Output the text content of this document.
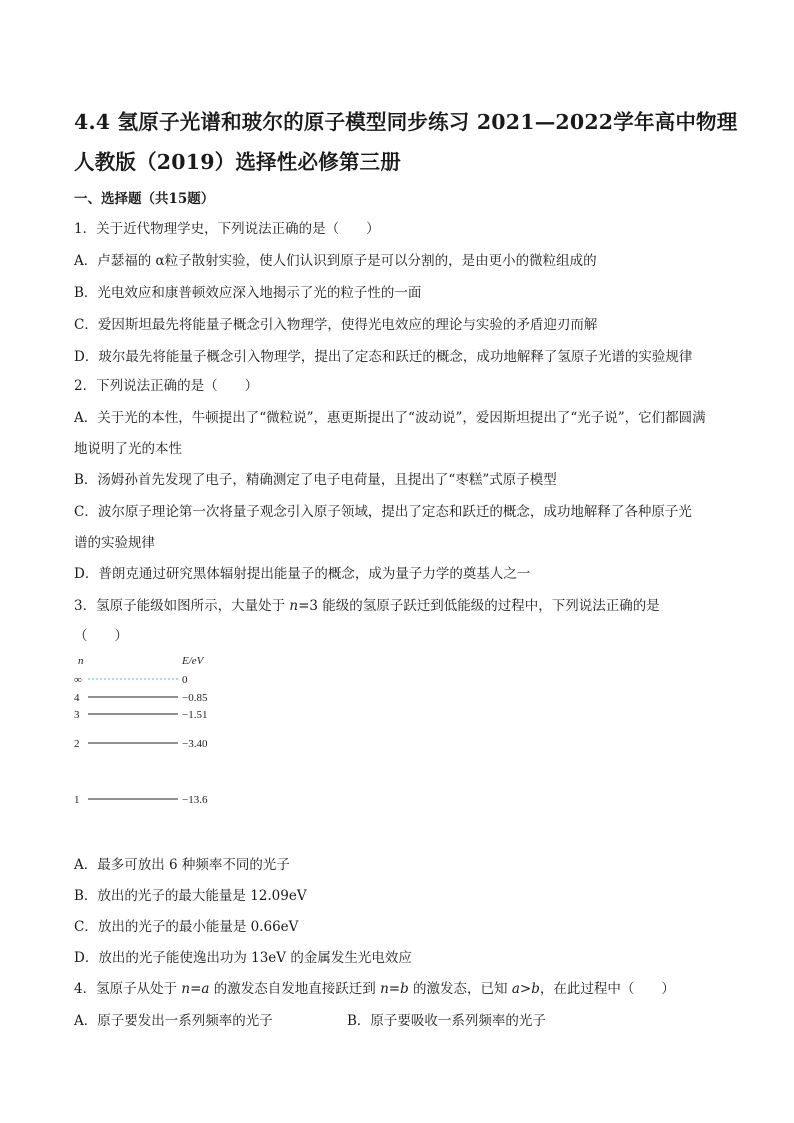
4.4 氢原子光谱和玻尔的原子模型同步练习 2021—2022学年高中物理
人教版（2019）选择性必修第三册
一、选择题（共15题）
1．关于近代物理学史，下列说法正确的是（　　）
A．卢瑟福的 α粒子散射实验，使人们认识到原子是可以分割的，是由更小的微粒组成的
B．光电效应和康普顿效应深入地揭示了光的粒子性的一面
C．爱因斯坦最先将能量子概念引入物理学，使得光电效应的理论与实验的矛盾迎刃而解
D．玻尔最先将能量子概念引入物理学，提出了定态和跃迁的概念，成功地解释了氢原子光谱的实验规律
2．下列说法正确的是（　　）
A．关于光的本性，牛顿提出了“微粒说”，惠更斯提出了“波动说”，爱因斯坦提出了“光子说”，它们都圆满
地说明了光的本性
B．汤姆孙首先发现了电子，精确测定了电子电荷量，且提出了“枣糕”式原子模型
C．波尔原子理论第一次将量子观念引入原子领域，提出了定态和跃迁的概念，成功地解释了各种原子光
谱的实验规律
D．普朗克通过研究黑体辐射提出能量子的概念，成为量子力学的奠基人之一
3．氢原子能级如图所示，大量处于 n=3 能级的氢原子跃迁到低能级的过程中，下列说法正确的是
（　　）
n	E/eV
∞	0
4	−0.85
3	−1.51
2	−3.40
1	−13.6
A．最多可放出 6 种频率不同的光子
B．放出的光子的最大能量是 12.09eV
C．放出的光子的最小能量是 0.66eV
D．放出的光子能使逸出功为 13eV 的金属发生光电效应
4．氢原子从处于 n=a 的激发态自发地直接跃迁到 n=b 的激发态，已知 a>b，在此过程中（　　）
A．原子要发出一系列频率的光子	B．原子要吸收一系列频率的光子
